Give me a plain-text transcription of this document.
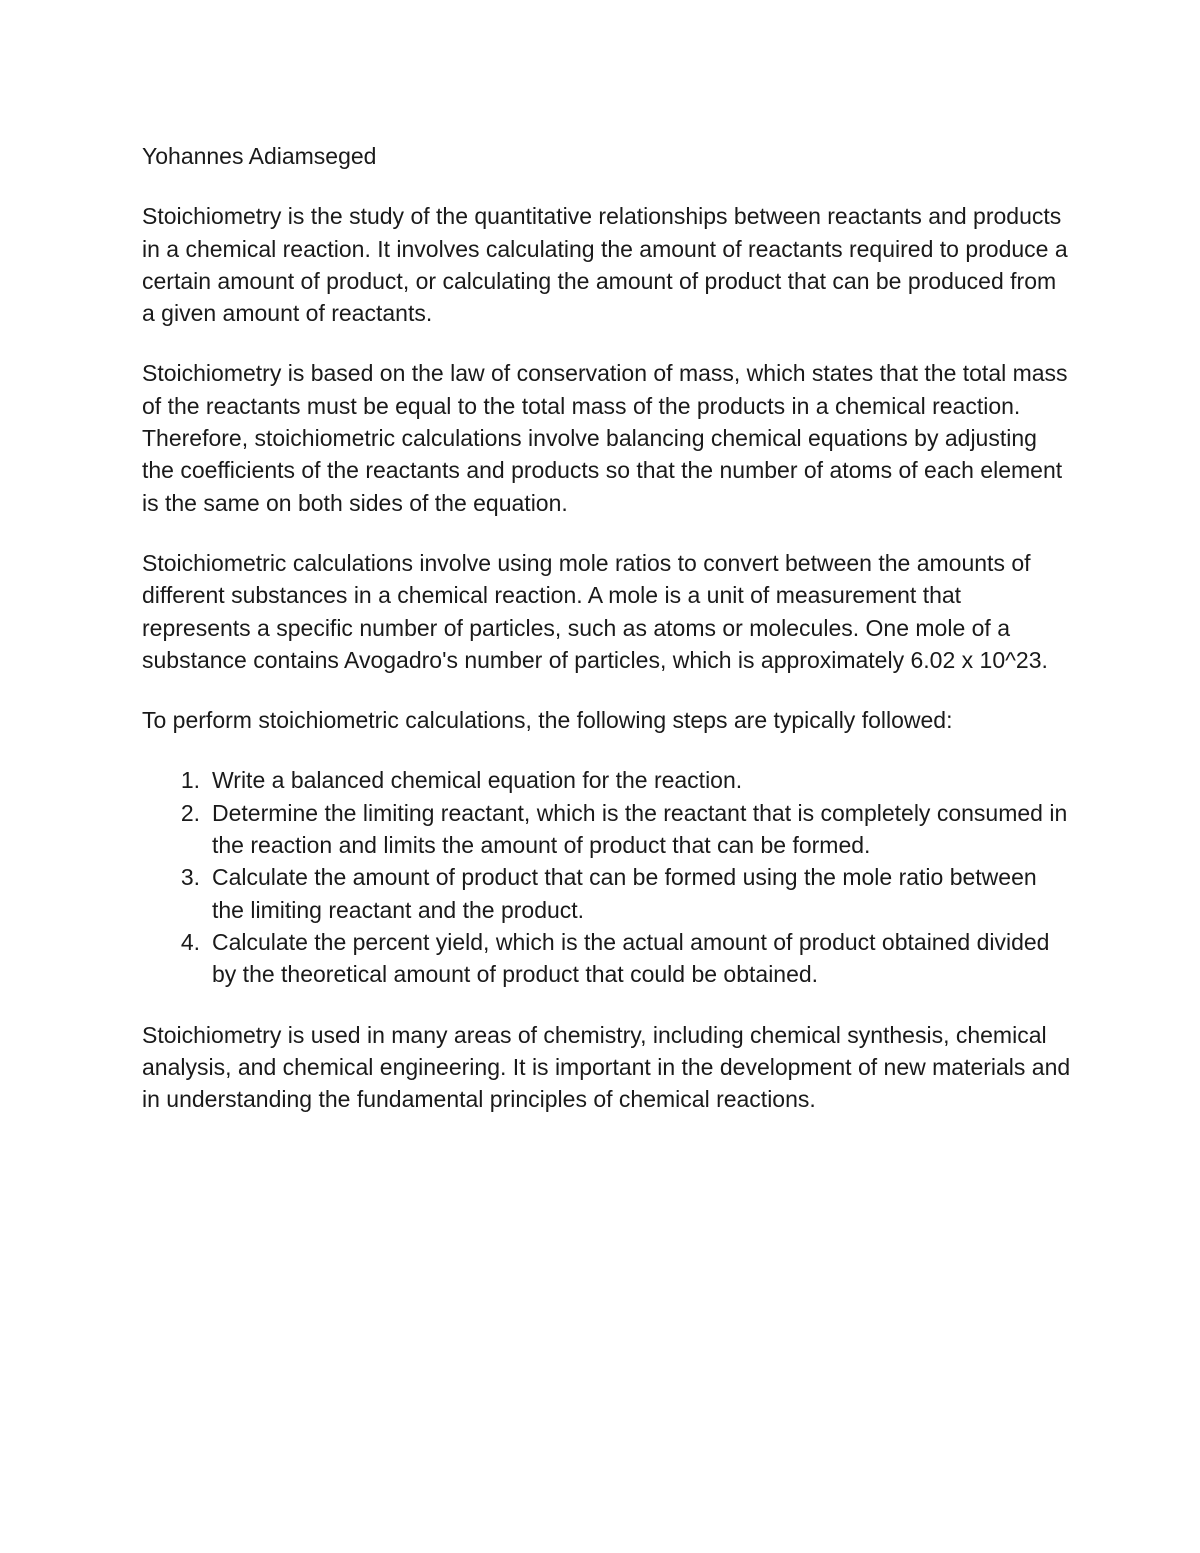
Yohannes Adiamseged

Stoichiometry is the study of the quantitative relationships between reactants and products in a chemical reaction. It involves calculating the amount of reactants required to produce a certain amount of product, or calculating the amount of product that can be produced from a given amount of reactants.

Stoichiometry is based on the law of conservation of mass, which states that the total mass of the reactants must be equal to the total mass of the products in a chemical reaction. Therefore, stoichiometric calculations involve balancing chemical equations by adjusting the coefficients of the reactants and products so that the number of atoms of each element is the same on both sides of the equation.

Stoichiometric calculations involve using mole ratios to convert between the amounts of different substances in a chemical reaction. A mole is a unit of measurement that represents a specific number of particles, such as atoms or molecules. One mole of a substance contains Avogadro's number of particles, which is approximately 6.02 x 10^23.

To perform stoichiometric calculations, the following steps are typically followed:

1. Write a balanced chemical equation for the reaction.
2. Determine the limiting reactant, which is the reactant that is completely consumed in the reaction and limits the amount of product that can be formed.
3. Calculate the amount of product that can be formed using the mole ratio between the limiting reactant and the product.
4. Calculate the percent yield, which is the actual amount of product obtained divided by the theoretical amount of product that could be obtained.

Stoichiometry is used in many areas of chemistry, including chemical synthesis, chemical analysis, and chemical engineering. It is important in the development of new materials and in understanding the fundamental principles of chemical reactions.
